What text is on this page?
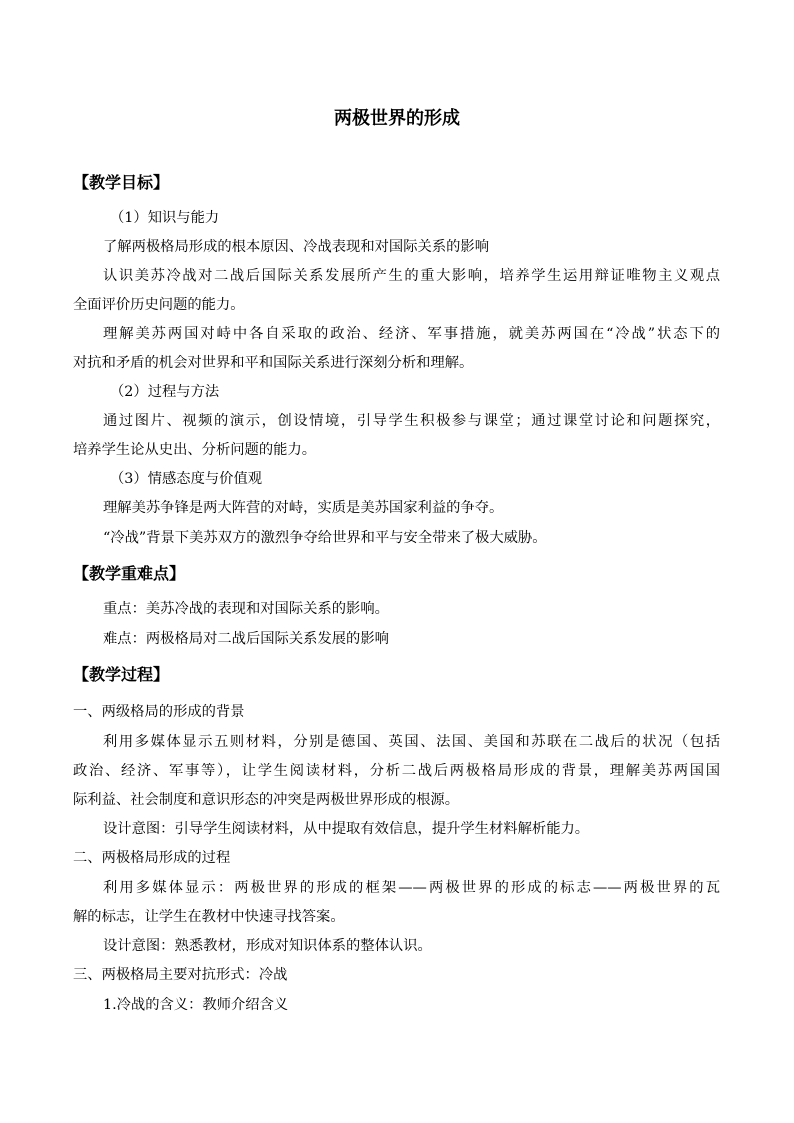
两极世界的形成
【教学目标】
（1）知识与能力
了解两极格局形成的根本原因、冷战表现和对国际关系的影响
认识美苏冷战对二战后国际关系发展所产生的重大影响，培养学生运用辩证唯物主义观点
全面评价历史问题的能力。
理解美苏两国对峙中各自采取的政治、经济、军事措施，就美苏两国在“冷战”状态下的
对抗和矛盾的机会对世界和平和国际关系进行深刻分析和理解。
（2）过程与方法
通过图片、视频的演示，创设情境，引导学生积极参与课堂；通过课堂讨论和问题探究，
培养学生论从史出、分析问题的能力。
（3）情感态度与价值观
理解美苏争锋是两大阵营的对峙，实质是美苏国家利益的争夺。
“冷战”背景下美苏双方的激烈争夺给世界和平与安全带来了极大威胁。
【教学重难点】
重点：美苏冷战的表现和对国际关系的影响。
难点：两极格局对二战后国际关系发展的影响
【教学过程】
一、两级格局的形成的背景
利用多媒体显示五则材料，分别是德国、英国、法国、美国和苏联在二战后的状况（包括
政治、经济、军事等），让学生阅读材料，分析二战后两极格局形成的背景，理解美苏两国国
际利益、社会制度和意识形态的冲突是两极世界形成的根源。
设计意图：引导学生阅读材料，从中提取有效信息，提升学生材料解析能力。
二、两极格局形成的过程
利用多媒体显示：两极世界的形成的框架——两极世界的形成的标志——两极世界的瓦
解的标志，让学生在教材中快速寻找答案。
设计意图：熟悉教材，形成对知识体系的整体认识。
三、两极格局主要对抗形式：冷战
1.冷战的含义：教师介绍含义
